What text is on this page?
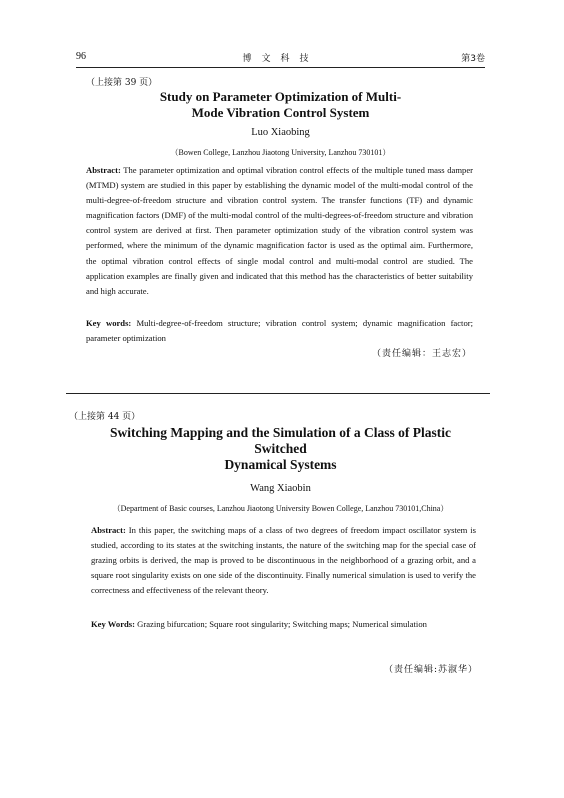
96	博文科技	第3卷
（上接第 39 页）
Study on Parameter Optimization of Multi-
Mode Vibration Control System
Luo Xiaobing
（Bowen College, Lanzhou Jiaotong University, Lanzhou 730101）
Abstract: The parameter optimization and optimal vibration control effects of the multiple tuned mass damper (MTMD) system are studied in this paper by establishing the dynamic model of the multi-modal control of the multi-degree-of-freedom structure and vibration control system. The transfer functions (TF) and dynamic magnification factors (DMF) of the multi-modal control of the multi-degrees-of-freedom structure and vibration control system are derived at first. Then parameter optimization study of the vibration control system was performed, where the minimum of the dynamic magnification factor is used as the optimal aim. Furthermore, the optimal vibration control effects of single modal control and multi-modal control are studied. The application examples are finally given and indicated that this method has the characteristics of better suitability and high accurate.
Key words: Multi-degree-of-freedom structure; vibration control system; dynamic magnification factor; parameter optimization
（责任编辑：王志宏）
（上接第 44 页）
Switching Mapping and the Simulation of a Class of Plastic
Switched
Dynamical Systems
Wang Xiaobin
（Department of Basic courses, Lanzhou Jiaotong University Bowen College, Lanzhou 730101,China）
Abstract: In this paper, the switching maps of a class of two degrees of freedom impact oscillator system is studied, according to its states at the switching instants, the nature of the switching map for the special case of grazing orbits is derived, the map is proved to be discontinuous in the neighborhood of a grazing orbit, and a square root singularity exists on one side of the discontinuity. Finally numerical simulation is used to verify the correctness and effectiveness of the relevant theory.
Key Words: Grazing bifurcation; Square root singularity; Switching maps; Numerical simulation
（责任编辑:苏淑华）
